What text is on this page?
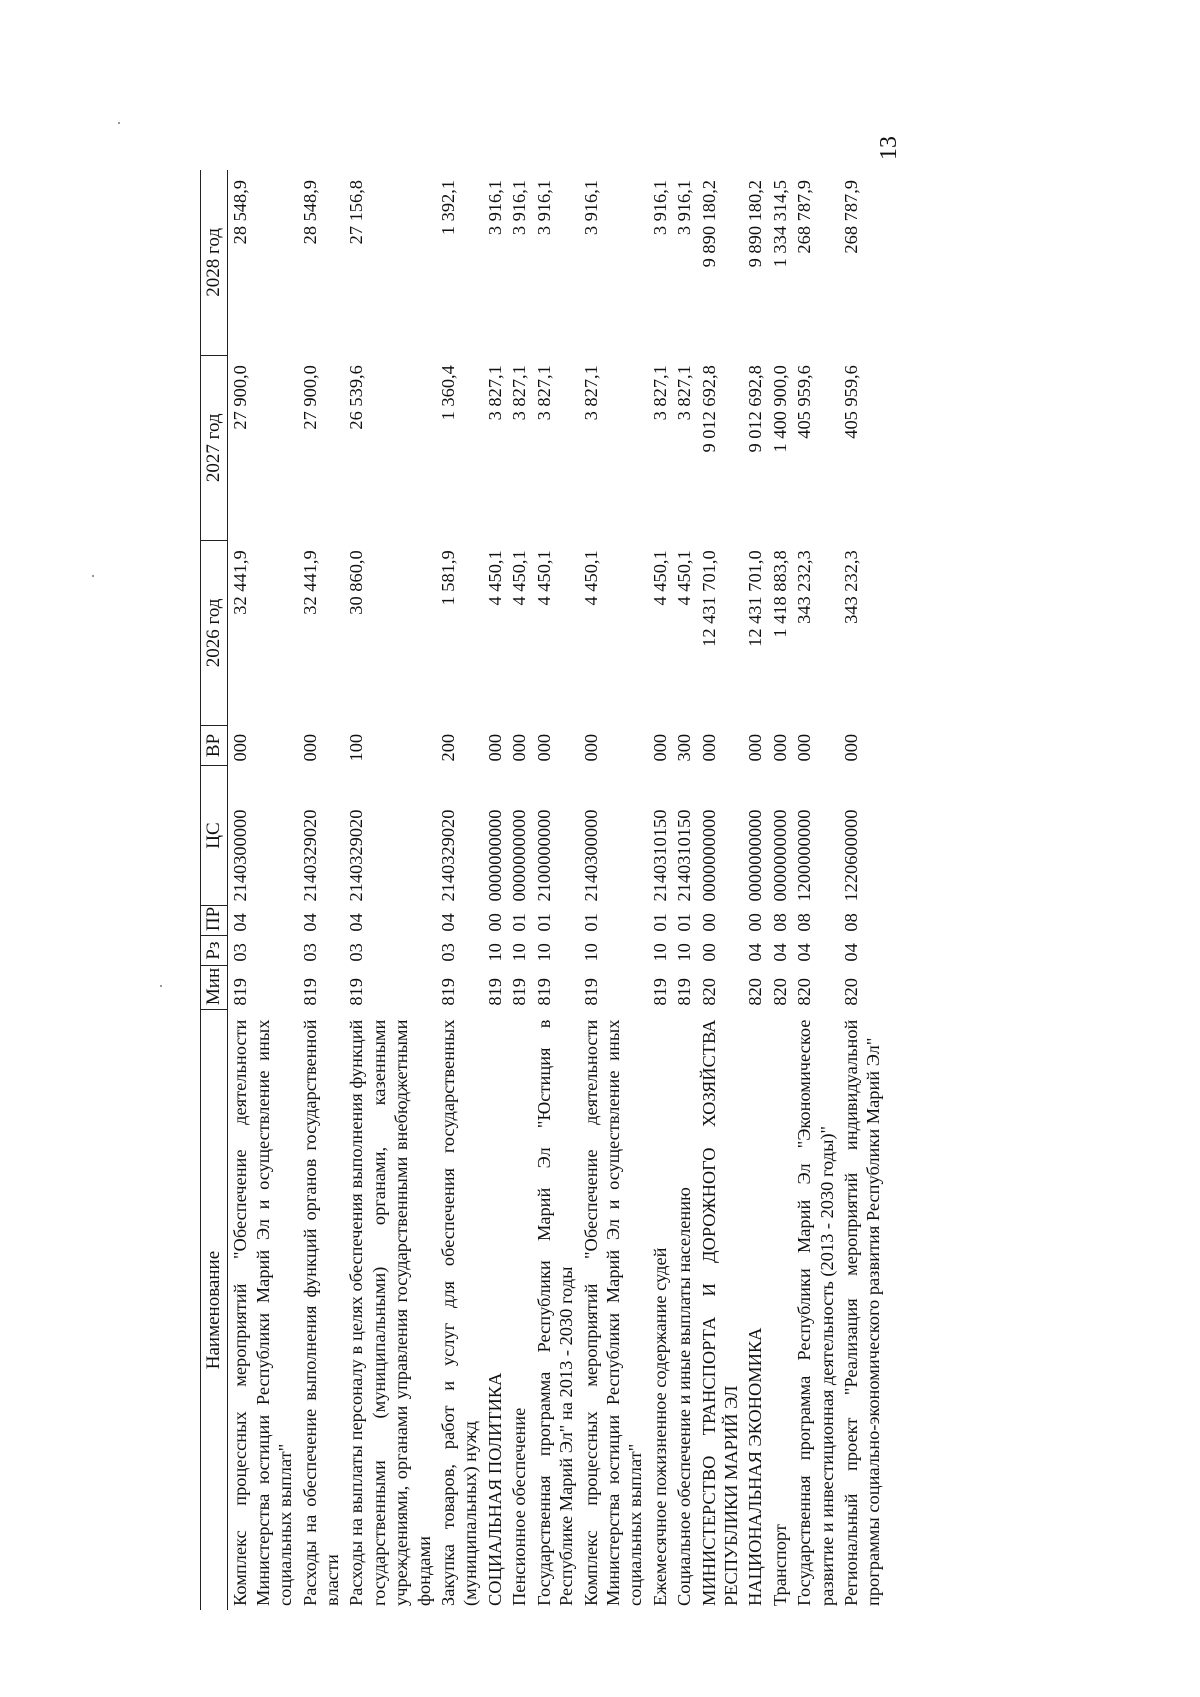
13
Наименование	Мин	Рз	ПР	ЦС	ВР	2026 год	2027 год	2028 год
Комплекс процессных мероприятий "Обеспечение деятельности Министерства юстиции Республики Марий Эл и осуществление иных социальных выплат"	819	03	04	2140300000	000	32 441,9	27 900,0	28 548,9
Расходы на обеспечение выполнения функций органов государственной власти	819	03	04	2140329020	000	32 441,9	27 900,0	28 548,9
Расходы на выплаты персоналу в целях обеспечения выполнения функций государственными (муниципальными) органами, казенными учреждениями, органами управления государственными внебюджетными фондами	819	03	04	2140329020	100	30 860,0	26 539,6	27 156,8
Закупка товаров, работ и услуг для обеспечения государственных (муниципальных) нужд	819	03	04	2140329020	200	1 581,9	1 360,4	1 392,1
СОЦИАЛЬНАЯ ПОЛИТИКА	819	10	00	0000000000	000	4 450,1	3 827,1	3 916,1
Пенсионное обеспечение	819	10	01	0000000000	000	4 450,1	3 827,1	3 916,1
Государственная программа Республики Марий Эл "Юстиция в Республике Марий Эл" на 2013 - 2030 годы	819	10	01	2100000000	000	4 450,1	3 827,1	3 916,1
Комплекс процессных мероприятий "Обеспечение деятельности Министерства юстиции Республики Марий Эл и осуществление иных социальных выплат"	819	10	01	2140300000	000	4 450,1	3 827,1	3 916,1
Ежемесячное пожизненное содержание судей	819	10	01	2140310150	000	4 450,1	3 827,1	3 916,1
Социальное обеспечение и иные выплаты населению	819	10	01	2140310150	300	4 450,1	3 827,1	3 916,1
МИНИСТЕРСТВО ТРАНСПОРТА И ДОРОЖНОГО ХОЗЯЙСТВА РЕСПУБЛИКИ МАРИЙ ЭЛ	820	00	00	0000000000	000	12 431 701,0	9 012 692,8	9 890 180,2
НАЦИОНАЛЬНАЯ ЭКОНОМИКА	820	04	00	0000000000	000	12 431 701,0	9 012 692,8	9 890 180,2
Транспорт	820	04	08	0000000000	000	1 418 883,8	1 400 900,0	1 334 314,5
Государственная программа Республики Марий Эл "Экономическое развитие и инвестиционная деятельность (2013 - 2030 годы)"	820	04	08	1200000000	000	343 232,3	405 959,6	268 787,9
Региональный проект "Реализация мероприятий индивидуальной программы социально-экономического развития Республики Марий Эл"	820	04	08	1220600000	000	343 232,3	405 959,6	268 787,9
